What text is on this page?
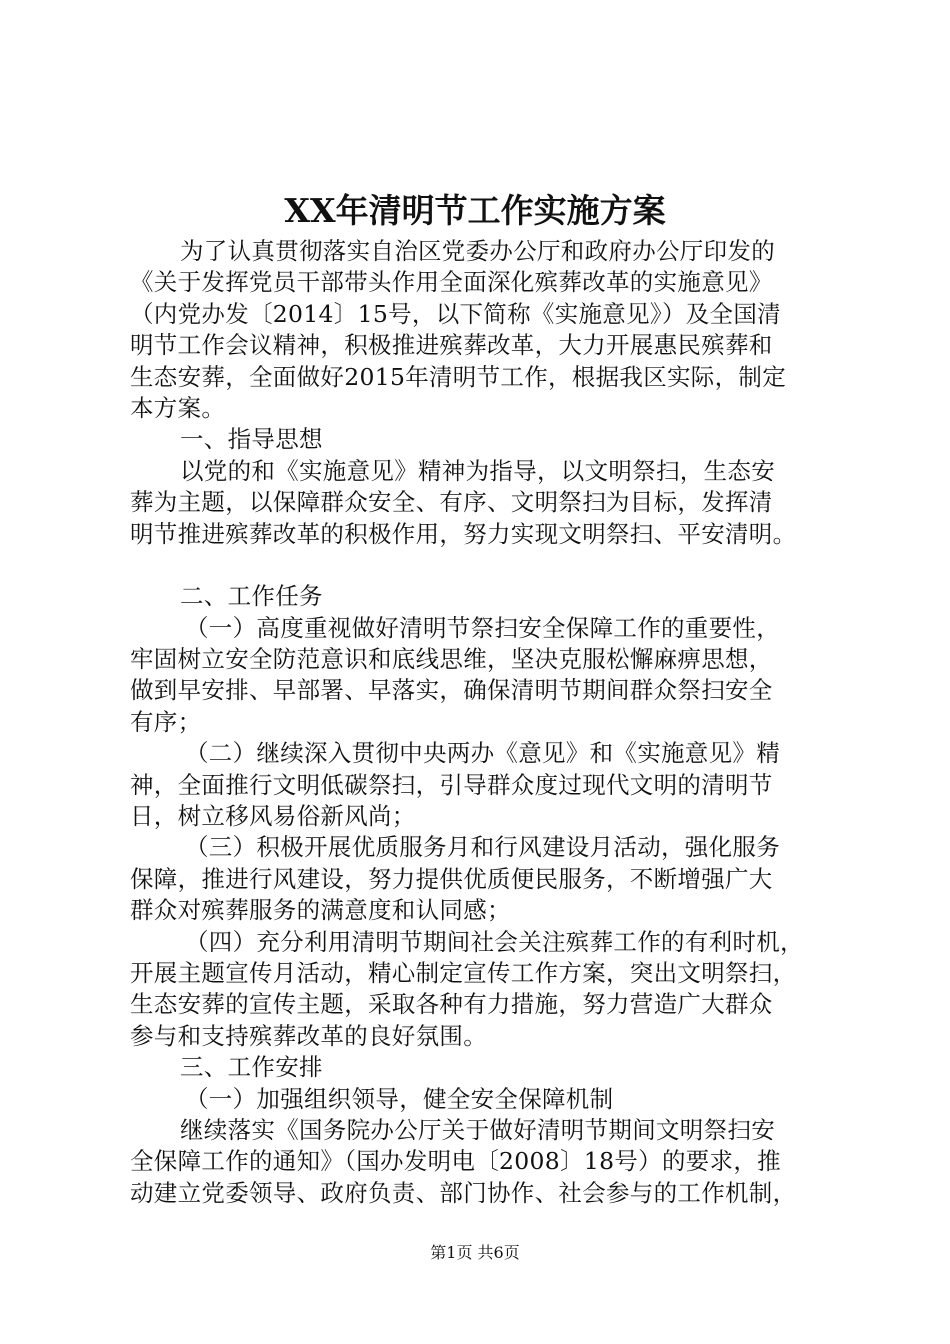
XX年清明节工作实施方案
为了认真贯彻落实自治区党委办公厅和政府办公厅印发的
《关于发挥党员干部带头作用全面深化殡葬改革的实施意见》
（内党办发〔2014〕15号，以下简称《实施意见》）及全国清
明节工作会议精神，积极推进殡葬改革，大力开展惠民殡葬和
生态安葬，全面做好2015年清明节工作，根据我区实际，制定
本方案。
一、指导思想
以党的和《实施意见》精神为指导，以文明祭扫，生态安
葬为主题，以保障群众安全、有序、文明祭扫为目标，发挥清
明节推进殡葬改革的积极作用，努力实现文明祭扫、平安清明。
二、工作任务
（一）高度重视做好清明节祭扫安全保障工作的重要性，
牢固树立安全防范意识和底线思维，坚决克服松懈麻痹思想，
做到早安排、早部署、早落实，确保清明节期间群众祭扫安全
有序；
（二）继续深入贯彻中央两办《意见》和《实施意见》精
神，全面推行文明低碳祭扫，引导群众度过现代文明的清明节
日，树立移风易俗新风尚；
（三）积极开展优质服务月和行风建设月活动，强化服务
保障，推进行风建设，努力提供优质便民服务，不断增强广大
群众对殡葬服务的满意度和认同感；
（四）充分利用清明节期间社会关注殡葬工作的有利时机，
开展主题宣传月活动，精心制定宣传工作方案，突出文明祭扫，
生态安葬的宣传主题，采取各种有力措施，努力营造广大群众
参与和支持殡葬改革的良好氛围。
三、工作安排
（一）加强组织领导，健全安全保障机制
继续落实《国务院办公厅关于做好清明节期间文明祭扫安
全保障工作的通知》（国办发明电〔2008〕18号）的要求，推
动建立党委领导、政府负责、部门协作、社会参与的工作机制，
第1页 共6页
